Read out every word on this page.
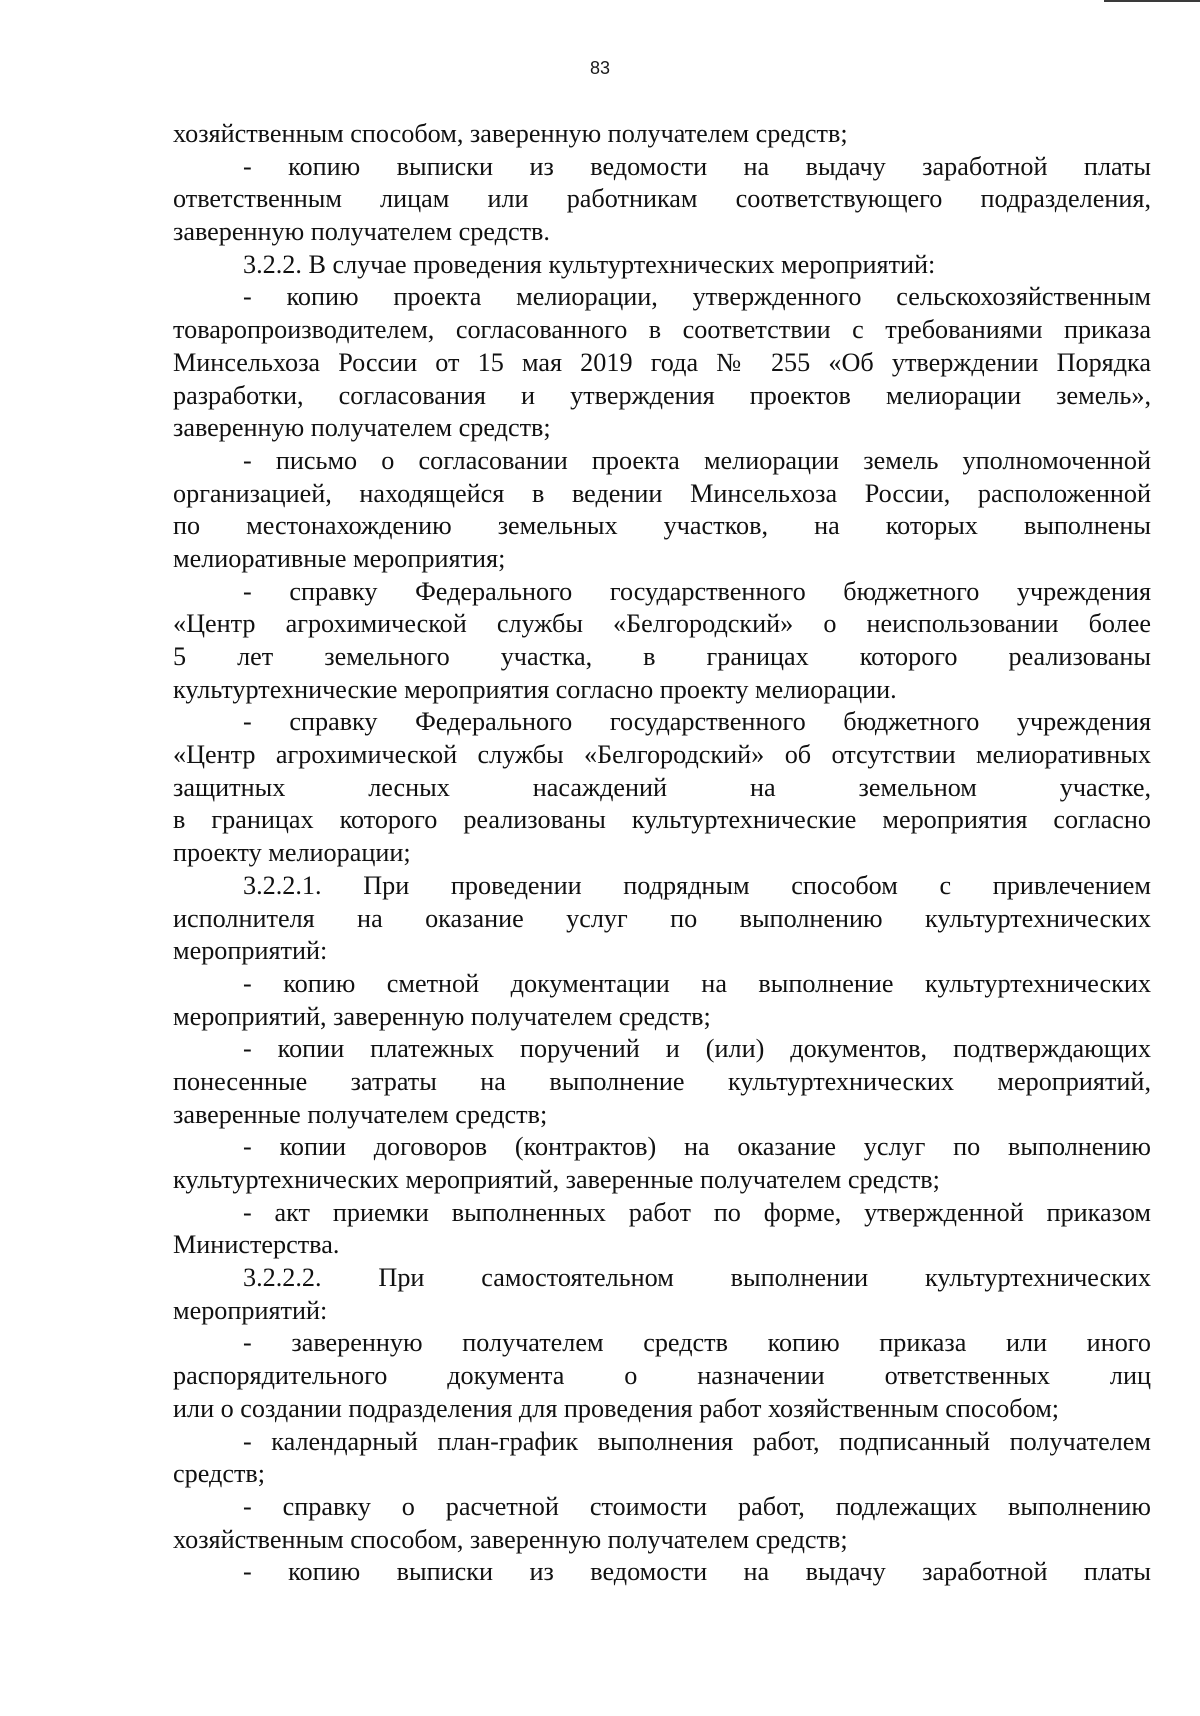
83
хозяйственным способом, заверенную получателем средств;
- копию выписки из ведомости на выдачу заработной платы
ответственным лицам или работникам соответствующего подразделения,
заверенную получателем средств.
3.2.2. В случае проведения культуртехнических мероприятий:
- копию проекта мелиорации, утвержденного сельскохозяйственным
товаропроизводителем, согласованного в соответствии с требованиями приказа
Минсельхоза России от 15 мая 2019 года № 255 «Об утверждении Порядка
разработки, согласования и утверждения проектов мелиорации земель»,
заверенную получателем средств;
- письмо о согласовании проекта мелиорации земель уполномоченной
организацией, находящейся в ведении Минсельхоза России, расположенной
по местонахождению земельных участков, на которых выполнены
мелиоративные мероприятия;
- справку Федерального государственного бюджетного учреждения
«Центр агрохимической службы «Белгородский» о неиспользовании более
5 лет земельного участка, в границах которого реализованы
культуртехнические мероприятия согласно проекту мелиорации.
- справку Федерального государственного бюджетного учреждения
«Центр агрохимической службы «Белгородский» об отсутствии мелиоративных
защитных лесных насаждений на земельном участке,
в границах которого реализованы культуртехнические мероприятия согласно
проекту мелиорации;
3.2.2.1. При проведении подрядным способом с привлечением
исполнителя на оказание услуг по выполнению культуртехнических
мероприятий:
- копию сметной документации на выполнение культуртехнических
мероприятий, заверенную получателем средств;
- копии платежных поручений и (или) документов, подтверждающих
понесенные затраты на выполнение культуртехнических мероприятий,
заверенные получателем средств;
- копии договоров (контрактов) на оказание услуг по выполнению
культуртехнических мероприятий, заверенные получателем средств;
- акт приемки выполненных работ по форме, утвержденной приказом
Министерства.
3.2.2.2. При самостоятельном выполнении культуртехнических
мероприятий:
- заверенную получателем средств копию приказа или иного
распорядительного документа о назначении ответственных лиц
или о создании подразделения для проведения работ хозяйственным способом;
- календарный план-график выполнения работ, подписанный получателем
средств;
- справку о расчетной стоимости работ, подлежащих выполнению
хозяйственным способом, заверенную получателем средств;
- копию выписки из ведомости на выдачу заработной платы
